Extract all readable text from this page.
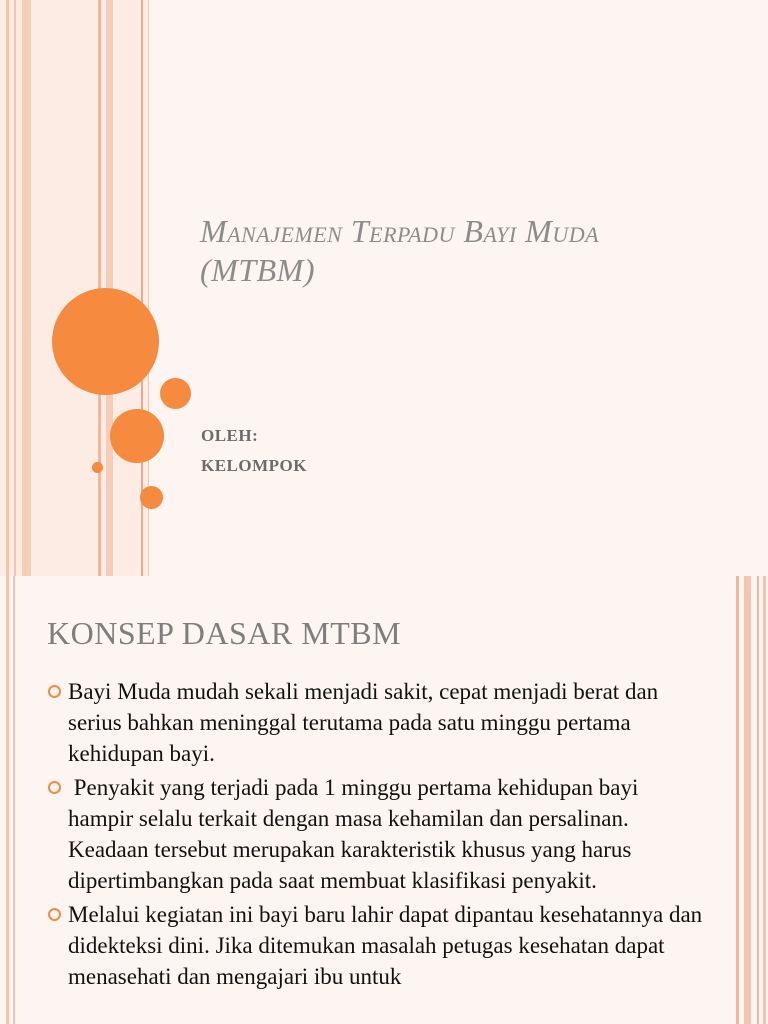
Manajemen Terpadu Bayi Muda
(MTBM)

OLEH:

KELOMPOK

KONSEP DASAR MTBM
Bayi Muda mudah sekali menjadi sakit, cepat menjadi berat dan serius bahkan meninggal terutama pada satu minggu pertama kehidupan bayi.
Penyakit yang terjadi pada 1 minggu pertama kehidupan bayi hampir selalu terkait dengan masa kehamilan dan persalinan. Keadaan tersebut merupakan karakteristik khusus yang harus dipertimbangkan pada saat membuat klasifikasi penyakit.
Melalui kegiatan ini bayi baru lahir dapat dipantau kesehatannya dan didekteksi dini. Jika ditemukan masalah petugas kesehatan dapat menasehati dan mengajari ibu untuk
